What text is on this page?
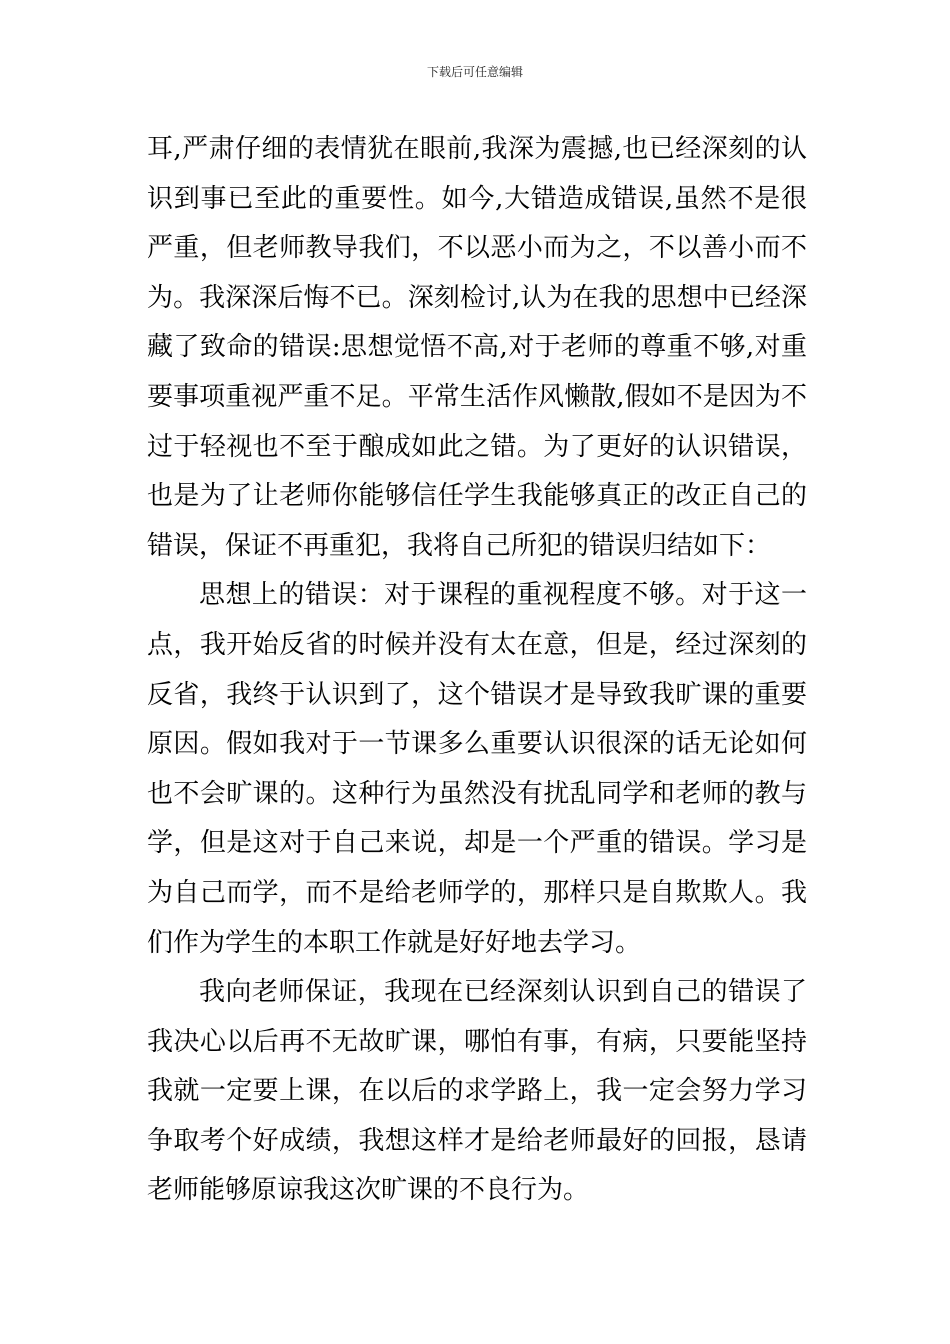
下载后可任意编辑
耳,严肃仔细的表情犹在眼前,我深为震撼,也已经深刻的认
识到事已至此的重要性。如今,大错造成错误,虽然不是很
严重，但老师教导我们，不以恶小而为之，不以善小而不
为。我深深后悔不已。深刻检讨,认为在我的思想中已经深
藏了致命的错误:思想觉悟不高,对于老师的尊重不够,对重
要事项重视严重不足。平常生活作风懒散,假如不是因为不
过于轻视也不至于酿成如此之错。为了更好的认识错误，
也是为了让老师你能够信任学生我能够真正的改正自己的
错误，保证不再重犯，我将自己所犯的错误归结如下：
思想上的错误：对于课程的重视程度不够。对于这一
点，我开始反省的时候并没有太在意，但是，经过深刻的
反省，我终于认识到了，这个错误才是导致我旷课的重要
原因。假如我对于一节课多么重要认识很深的话无论如何
也不会旷课的。这种行为虽然没有扰乱同学和老师的教与
学，但是这对于自己来说，却是一个严重的错误。学习是
为自己而学，而不是给老师学的，那样只是自欺欺人。我
们作为学生的本职工作就是好好地去学习。
我向老师保证，我现在已经深刻认识到自己的错误了
我决心以后再不无故旷课，哪怕有事，有病，只要能坚持
我就一定要上课，在以后的求学路上，我一定会努力学习
争取考个好成绩，我想这样才是给老师最好的回报，恳请
老师能够原谅我这次旷课的不良行为。
